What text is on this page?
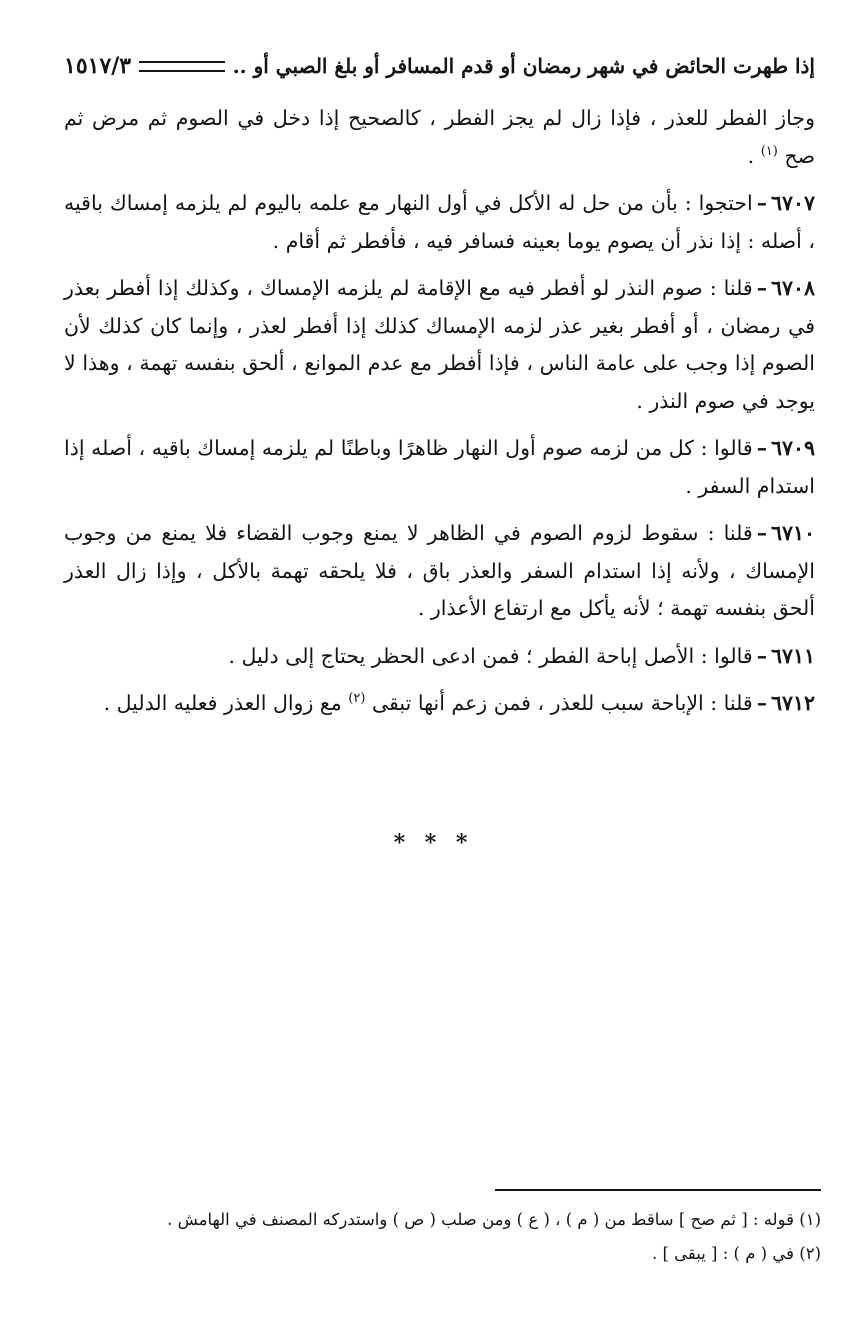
إذا طهرت الحائض في شهر رمضان أو قدم المسافر أو بلغ الصبي أو ..
١٥١٧/٣

وجاز الفطر للعذر ، فإذا زال لم يجز الفطر ، كالصحيح إذا دخل في الصوم ثم مرض ثم صح $^{(١)}$ .

٦٧٠٧–احتجوا : بأن من حل له الأكل في أول النهار مع علمه باليوم لم يلزمه إمساك باقيه ، أصله : إذا نذر أن يصوم يوما بعينه فسافر فيه ، فأفطر ثم أقام .

٦٧٠٨–قلنا : صوم النذر لو أفطر فيه مع الإقامة لم يلزمه الإمساك ، وكذلك إذا أفطر بعذر في رمضان ، أو أفطر بغير عذر لزمه الإمساك كذلك إذا أفطر لعذر ، وإنما كان كذلك لأن الصوم إذا وجب على عامة الناس ، فإذا أفطر مع عدم الموانع ، ألحق بنفسه تهمة ، وهذا لا يوجد في صوم النذر .

٦٧٠٩–قالوا : كل من لزمه صوم أول النهار ظاهرًا وباطنًا لم يلزمه إمساك باقيه ، أصله إذا استدام السفر .

٦٧١٠–قلنا : سقوط لزوم الصوم في الظاهر لا يمنع وجوب القضاء فلا يمنع من وجوب الإمساك ، ولأنه إذا استدام السفر والعذر باق ، فلا يلحقه تهمة بالأكل ، وإذا زال العذر ألحق بنفسه تهمة ؛ لأنه يأكل مع ارتفاع الأعذار .

٦٧١١–قالوا : الأصل إباحة الفطر ؛ فمن ادعى الحظر يحتاج إلى دليل .

٦٧١٢–قلنا : الإباحة سبب للعذر ، فمن زعم أنها تبقى $^{(٢)}$ مع زوال العذر فعليه الدليل .

* * *
(١) قوله : [ ثم صح ] ساقط من ( م ) ، ( ع ) ومن صلب ( ص ) واستدركه المصنف في الهامش .
(٢) في ( م ) : [ يبقى ] .
